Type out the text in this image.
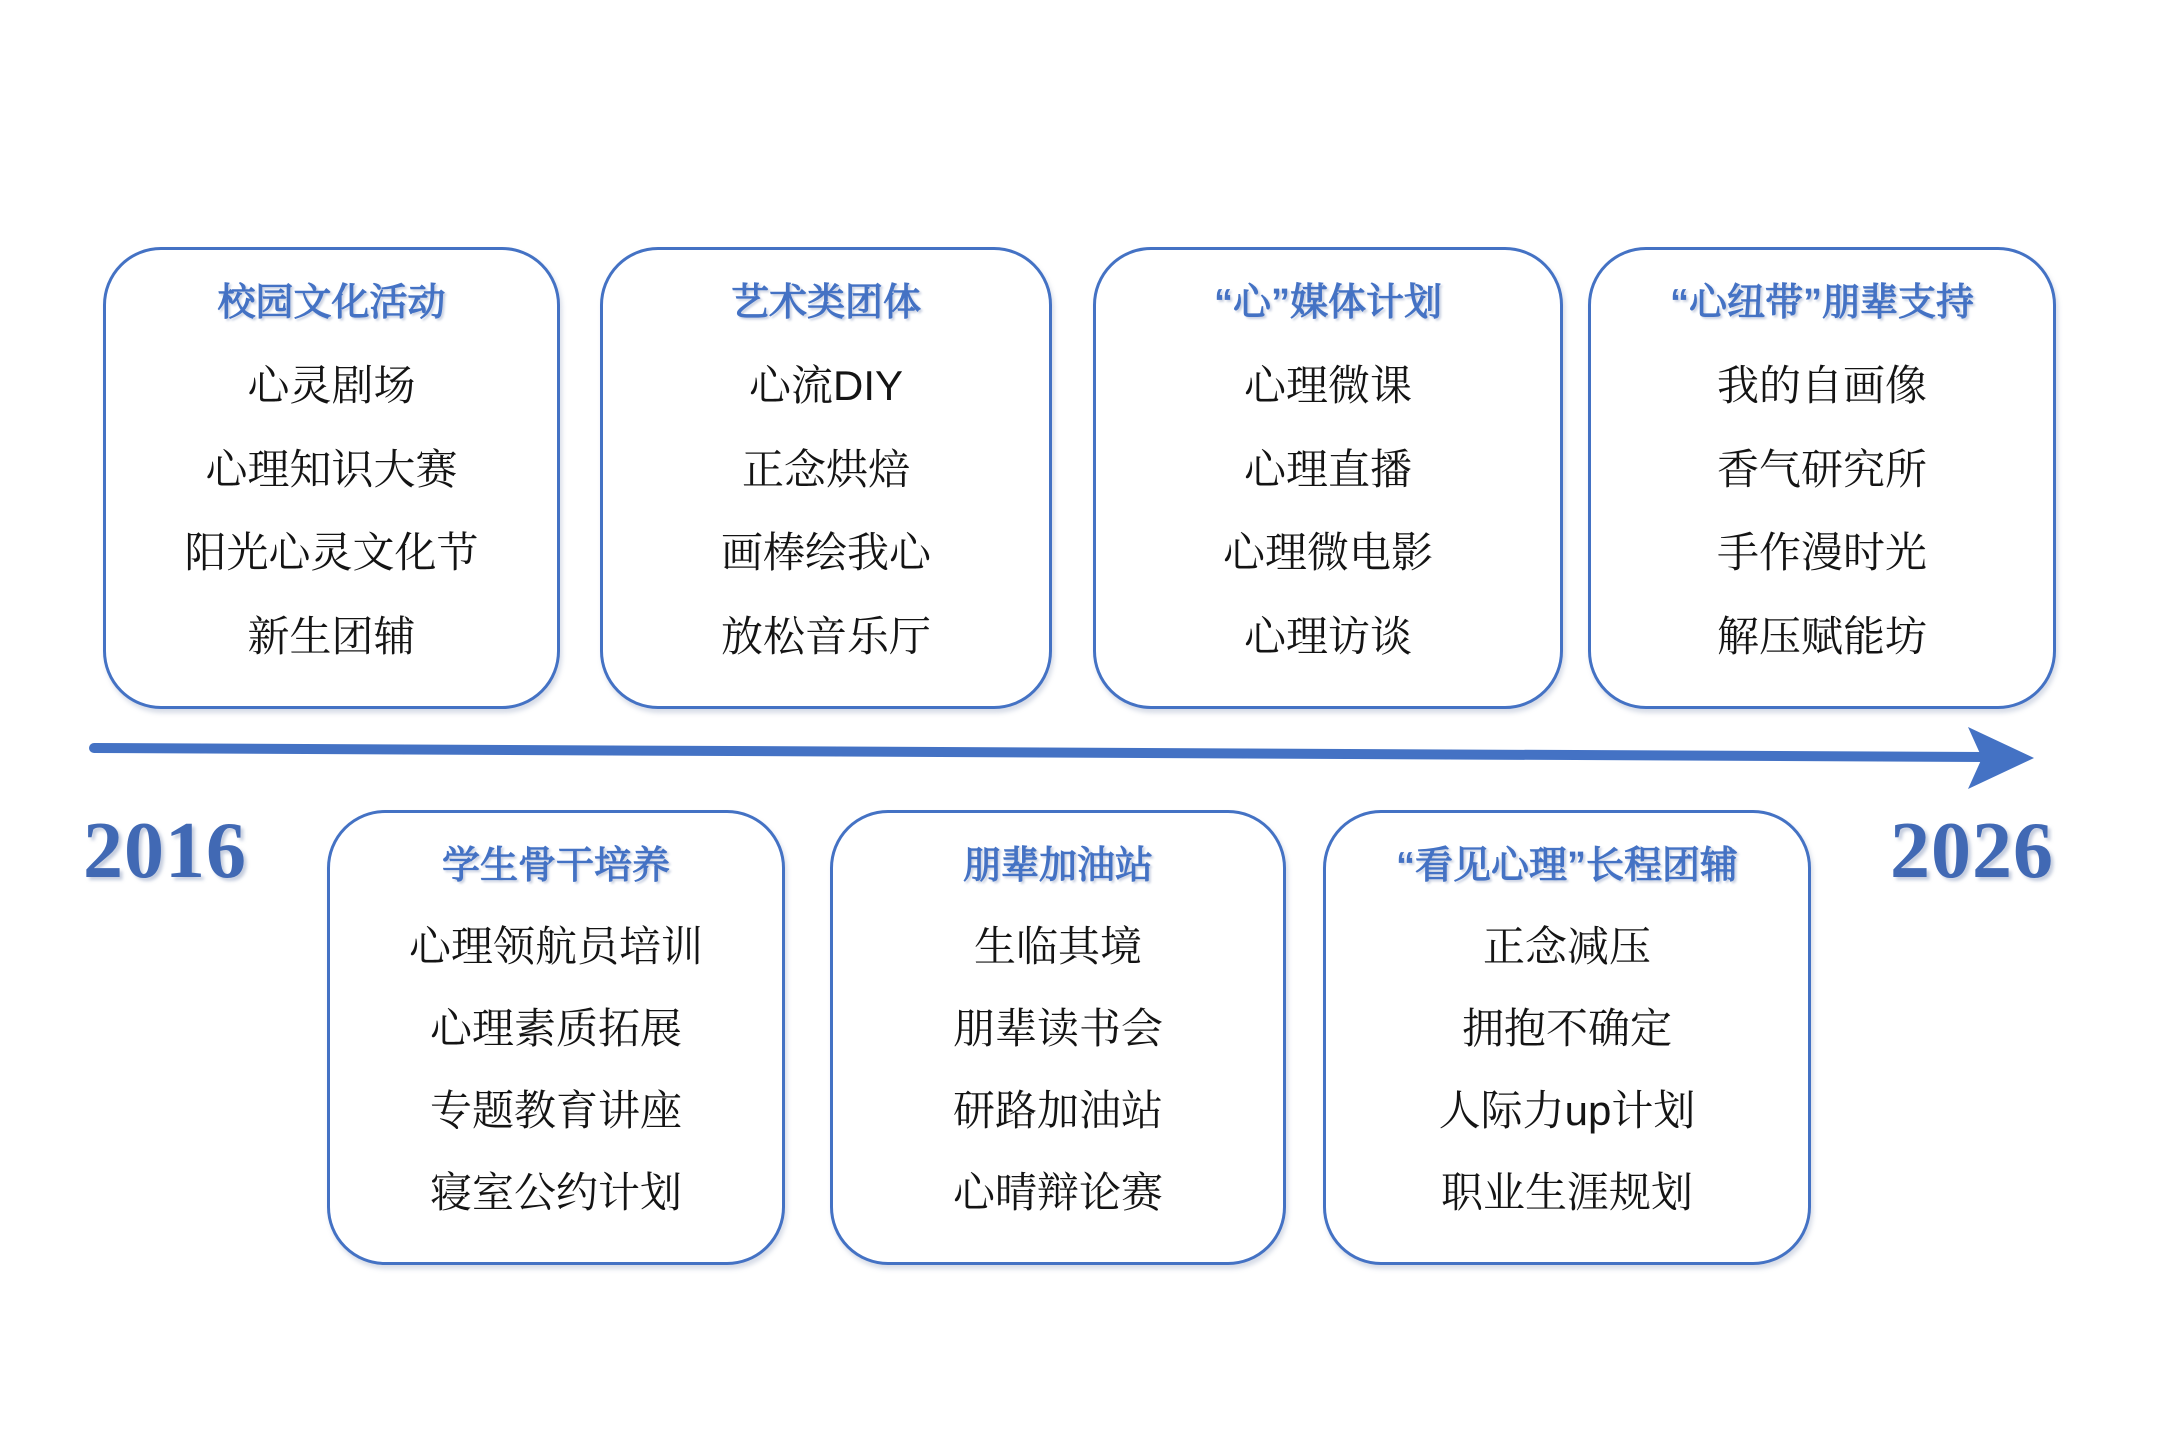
校园文化活动
心灵剧场
心理知识大赛
阳光心灵文化节
新生团辅
艺术类团体
心流DIY
正念烘焙
画棒绘我心
放松音乐厅
“心”媒体计划
心理微课
心理直播
心理微电影
心理访谈
“心纽带”朋辈支持
我的自画像
香气研究所
手作漫时光
解压赋能坊
2016	2026
学生骨干培养
心理领航员培训
心理素质拓展
专题教育讲座
寝室公约计划
朋辈加油站
生临其境
朋辈读书会
研路加油站
心晴辩论赛
“看见心理”长程团辅
正念减压
拥抱不确定
人际力up计划
职业生涯规划
